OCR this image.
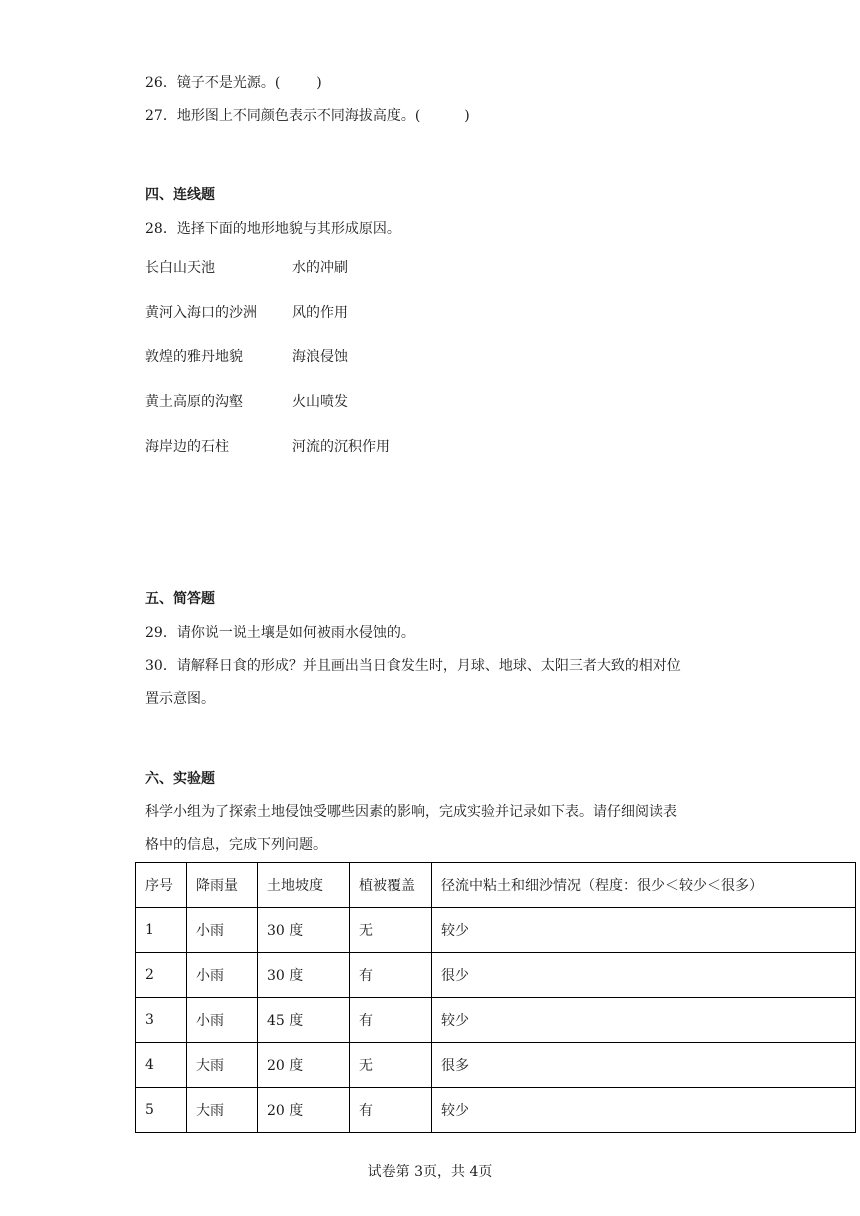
26．镜子不是光源。(	)
27．地形图上不同颜色表示不同海拔高度。(	)
四、连线题
28．选择下面的地形地貌与其形成原因。
长白山天池
黄河入海口的沙洲
敦煌的雅丹地貌
黄土高原的沟壑
海岸边的石柱
水的冲刷
风的作用
海浪侵蚀
火山喷发
河流的沉积作用
五、简答题
29．请你说一说土壤是如何被雨水侵蚀的。
30．请解释日食的形成？并且画出当日食发生时，月球、地球、太阳三者大致的相对位
置示意图。
六、实验题
科学小组为了探索土地侵蚀受哪些因素的影响，完成实验并记录如下表。请仔细阅读表
格中的信息，完成下列问题。
序号	降雨量	土地坡度	植被覆盖	径流中粘土和细沙情况（程度：很少＜较少＜很多）
1	小雨	30 度	无	较少
2	小雨	30 度	有	很少
3	小雨	45 度	有	较少
4	大雨	20 度	无	很多
5	大雨	20 度	有	较少
试卷第 3页，共 4页
